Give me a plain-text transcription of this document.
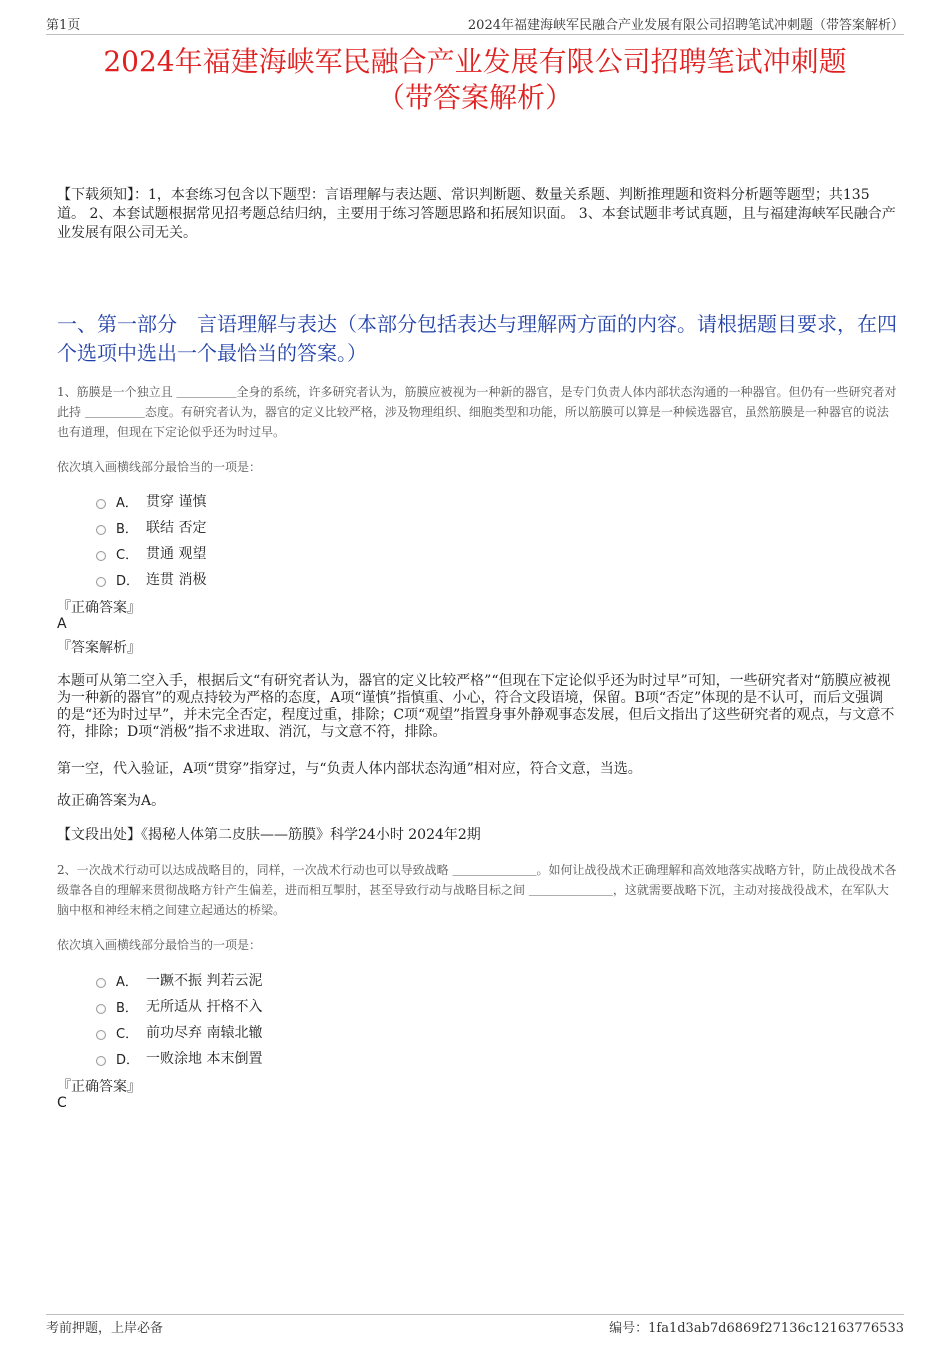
第1页	2024年福建海峡军民融合产业发展有限公司招聘笔试冲刺题（带答案解析）
2024年福建海峡军民融合产业发展有限公司招聘笔试冲刺题
（带答案解析）
【下载须知】：1，本套练习包含以下题型：言语理解与表达题、常识判断题、数量关系题、判断推理题和资料分析题等题型；共135道。 2、本套试题根据常见招考题总结归纳，主要用于练习答题思路和拓展知识面。 3、本套试题非考试真题，且与福建海峡军民融合产业发展有限公司无关。
一、第一部分　言语理解与表达（本部分包括表达与理解两方面的内容。请根据题目要求，在四个选项中选出一个最恰当的答案。）
1、筋膜是一个独立且 ＿＿＿＿＿全身的系统，许多研究者认为，筋膜应被视为一种新的器官，是专门负责人体内部状态沟通的一种器官。但仍有一些研究者对此持 ＿＿＿＿＿态度。有研究者认为，器官的定义比较严格，涉及物理组织、细胞类型和功能，所以筋膜可以算是一种候选器官，虽然筋膜是一种器官的说法也有道理，但现在下定论似乎还为时过早。
依次填入画横线部分最恰当的一项是：
A． 贯穿 谨慎
B． 联结 否定
C． 贯通 观望
D． 连贯 消极
『正确答案』
A
『答案解析』
本题可从第二空入手，根据后文“有研究者认为，器官的定义比较严格”“但现在下定论似乎还为时过早”可知，一些研究者对“筋膜应被视为一种新的器官”的观点持较为严格的态度，A项“谨慎”指慎重、小心，符合文段语境，保留。B项“否定”体现的是不认可，而后文强调的是“还为时过早”，并未完全否定，程度过重，排除；C项“观望”指置身事外静观事态发展，但后文指出了这些研究者的观点，与文意不符，排除；D项“消极”指不求进取、消沉，与文意不符，排除。
第一空，代入验证，A项“贯穿”指穿过，与“负责人体内部状态沟通”相对应，符合文意，当选。
故正确答案为A。
【文段出处】《揭秘人体第二皮肤——筋膜》科学24小时 2024年2期
2、一次战术行动可以达成战略目的，同样，一次战术行动也可以导致战略 ＿＿＿＿＿＿＿。如何让战役战术正确理解和高效地落实战略方针，防止战役战术各级靠各自的理解来贯彻战略方针产生偏差，进而相互掣肘，甚至导致行动与战略目标之间 ＿＿＿＿＿＿＿，这就需要战略下沉，主动对接战役战术，在军队大脑中枢和神经末梢之间建立起通达的桥梁。
依次填入画横线部分最恰当的一项是：
A． 一蹶不振 判若云泥
B． 无所适从 扞格不入
C． 前功尽弃 南辕北辙
D． 一败涂地 本末倒置
『正确答案』
C
考前押题，上岸必备	编号：1fa1d3ab7d6869f27136c12163776533
